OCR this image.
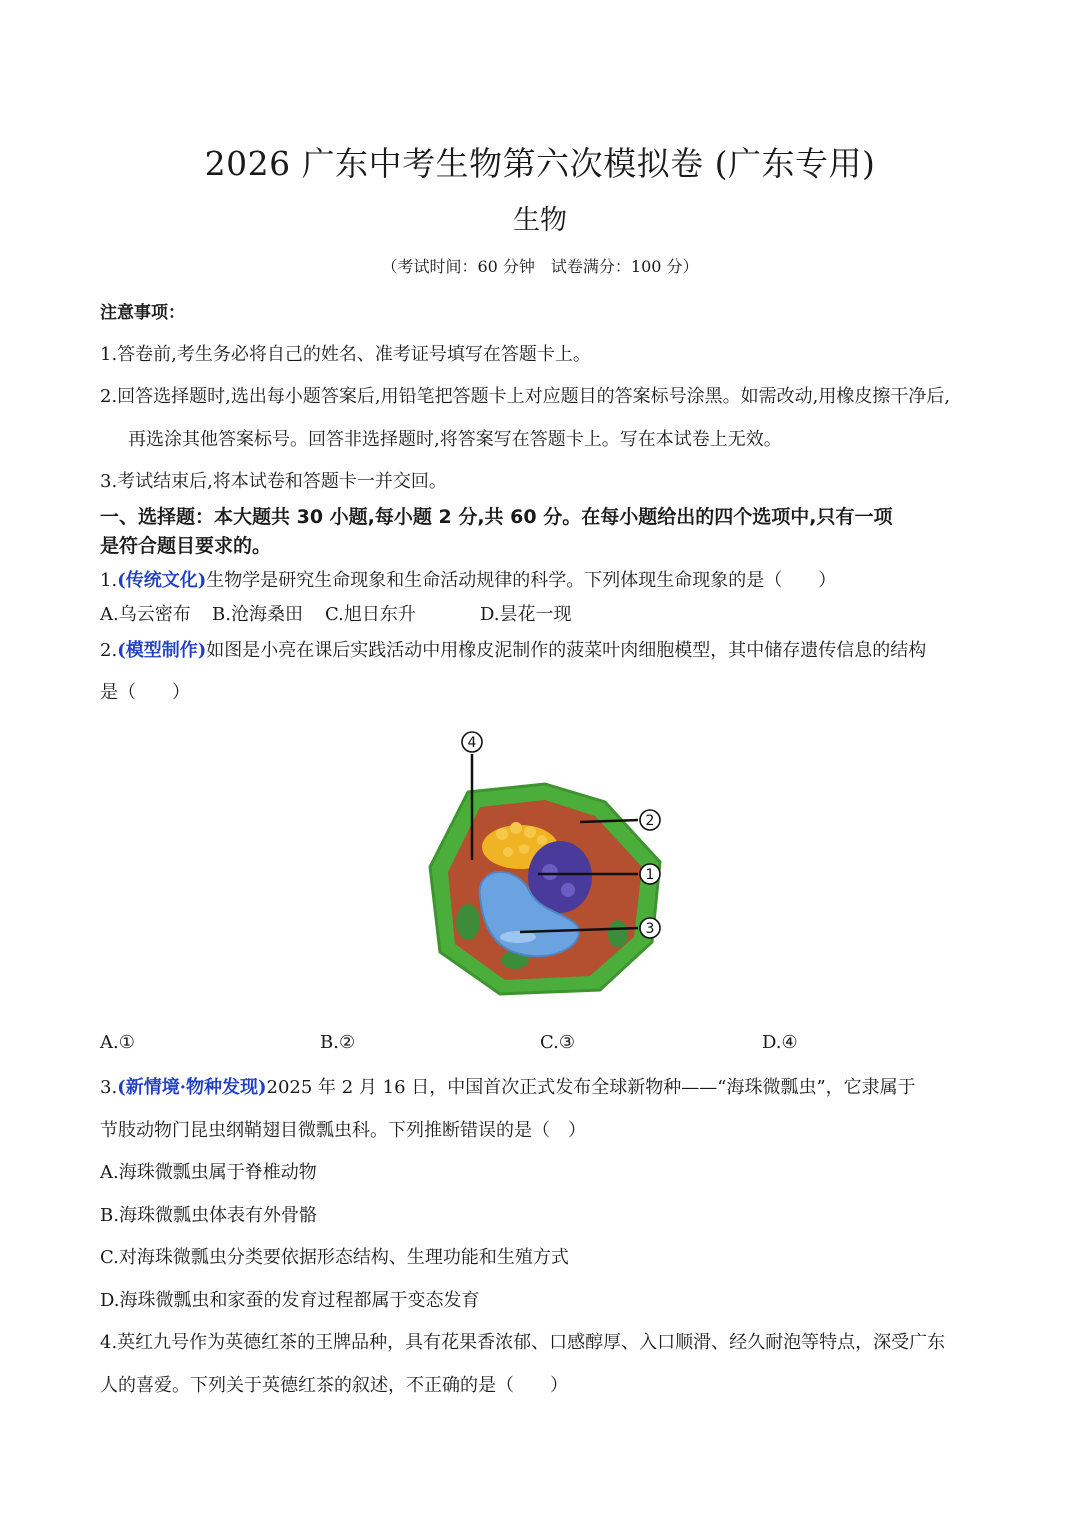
2026 广东中考生物第六次模拟卷 (广东专用)
生物
（考试时间：60 分钟　试卷满分：100 分）
注意事项：
1.答卷前,考生务必将自己的姓名、准考证号填写在答题卡上。
2.回答选择题时,选出每小题答案后,用铅笔把答题卡上对应题目的答案标号涂黑。如需改动,用橡皮擦干净后,
再选涂其他答案标号。回答非选择题时,将答案写在答题卡上。写在本试卷上无效。
3.考试结束后,将本试卷和答题卡一并交回。
一、选择题：本大题共 30 小题,每小题 2 分,共 60 分。在每小题给出的四个选项中,只有一项
是符合题目要求的。
1.(传统文化)生物学是研究生命现象和生命活动规律的科学。下列体现生命现象的是（　　）
A.乌云密布 B.沧海桑田 C.旭日东升	D.昙花一现
2.(模型制作)如图是小亮在课后实践活动中用橡皮泥制作的菠菜叶肉细胞模型，其中储存遗传信息的结构
是（　　）
4
2
1
3
A.①	B.②	C.③	D.④
3.(新情境·物种发现)2025 年 2 月 16 日，中国首次正式发布全球新物种——“海珠微瓢虫”，它隶属于
节肢动物门昆虫纲鞘翅目微瓢虫科。下列推断错误的是（　）
A.海珠微瓢虫属于脊椎动物
B.海珠微瓢虫体表有外骨骼
C.对海珠微瓢虫分类要依据形态结构、生理功能和生殖方式
D.海珠微瓢虫和家蚕的发育过程都属于变态发育
4.英红九号作为英德红茶的王牌品种，具有花果香浓郁、口感醇厚、入口顺滑、经久耐泡等特点，深受广东
人的喜爱。下列关于英德红茶的叙述，不正确的是（　　）
